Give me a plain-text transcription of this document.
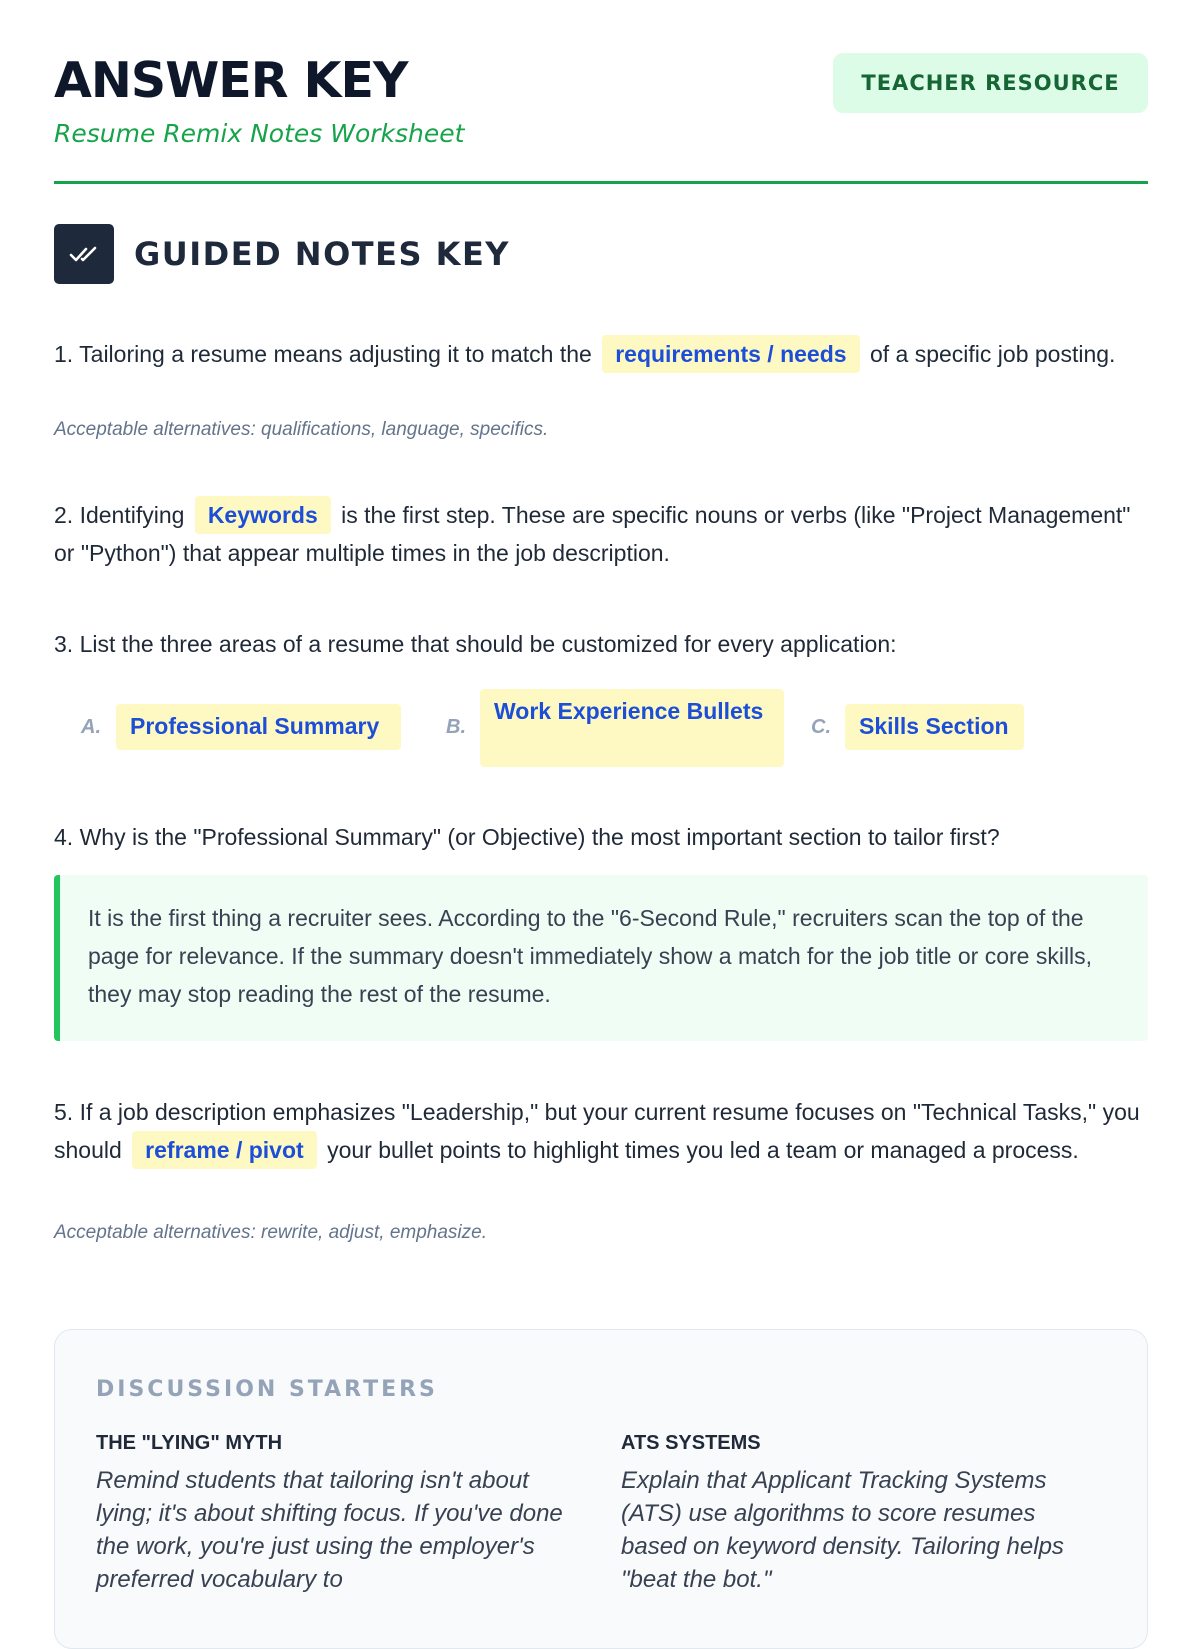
ANSWER KEY
Resume Remix Notes Worksheet
TEACHER RESOURCE
GUIDED NOTES KEY
1. Tailoring a resume means adjusting it to match the requirements / needs of a specific job posting.
Acceptable alternatives: qualifications, language, specifics.
2. Identifying Keywords is the first step. These are specific nouns or verbs (like "Project Management" or "Python") that appear multiple times in the job description.
3. List the three areas of a resume that should be customized for every application:
A.	Professional Summary	B.
Work Experience Bullets
C.	Skills Section
4. Why is the "Professional Summary" (or Objective) the most important section to tailor first?
It is the first thing a recruiter sees. According to the "6-Second Rule," recruiters scan the top of the page for relevance. If the summary doesn't immediately show a match for the job title or core skills, they may stop reading the rest of the resume.
5. If a job description emphasizes "Leadership," but your current resume focuses on "Technical Tasks," you should reframe / pivot your bullet points to highlight times you led a team or managed a process.
Acceptable alternatives: rewrite, adjust, emphasize.
DISCUSSION STARTERS
THE "LYING" MYTH
Remind students that tailoring isn't about lying; it's about shifting focus. If you've done the work, you're just using the employer's preferred vocabulary to
ATS SYSTEMS
Explain that Applicant Tracking Systems (ATS) use algorithms to score resumes based on keyword density. Tailoring helps "beat the bot."
